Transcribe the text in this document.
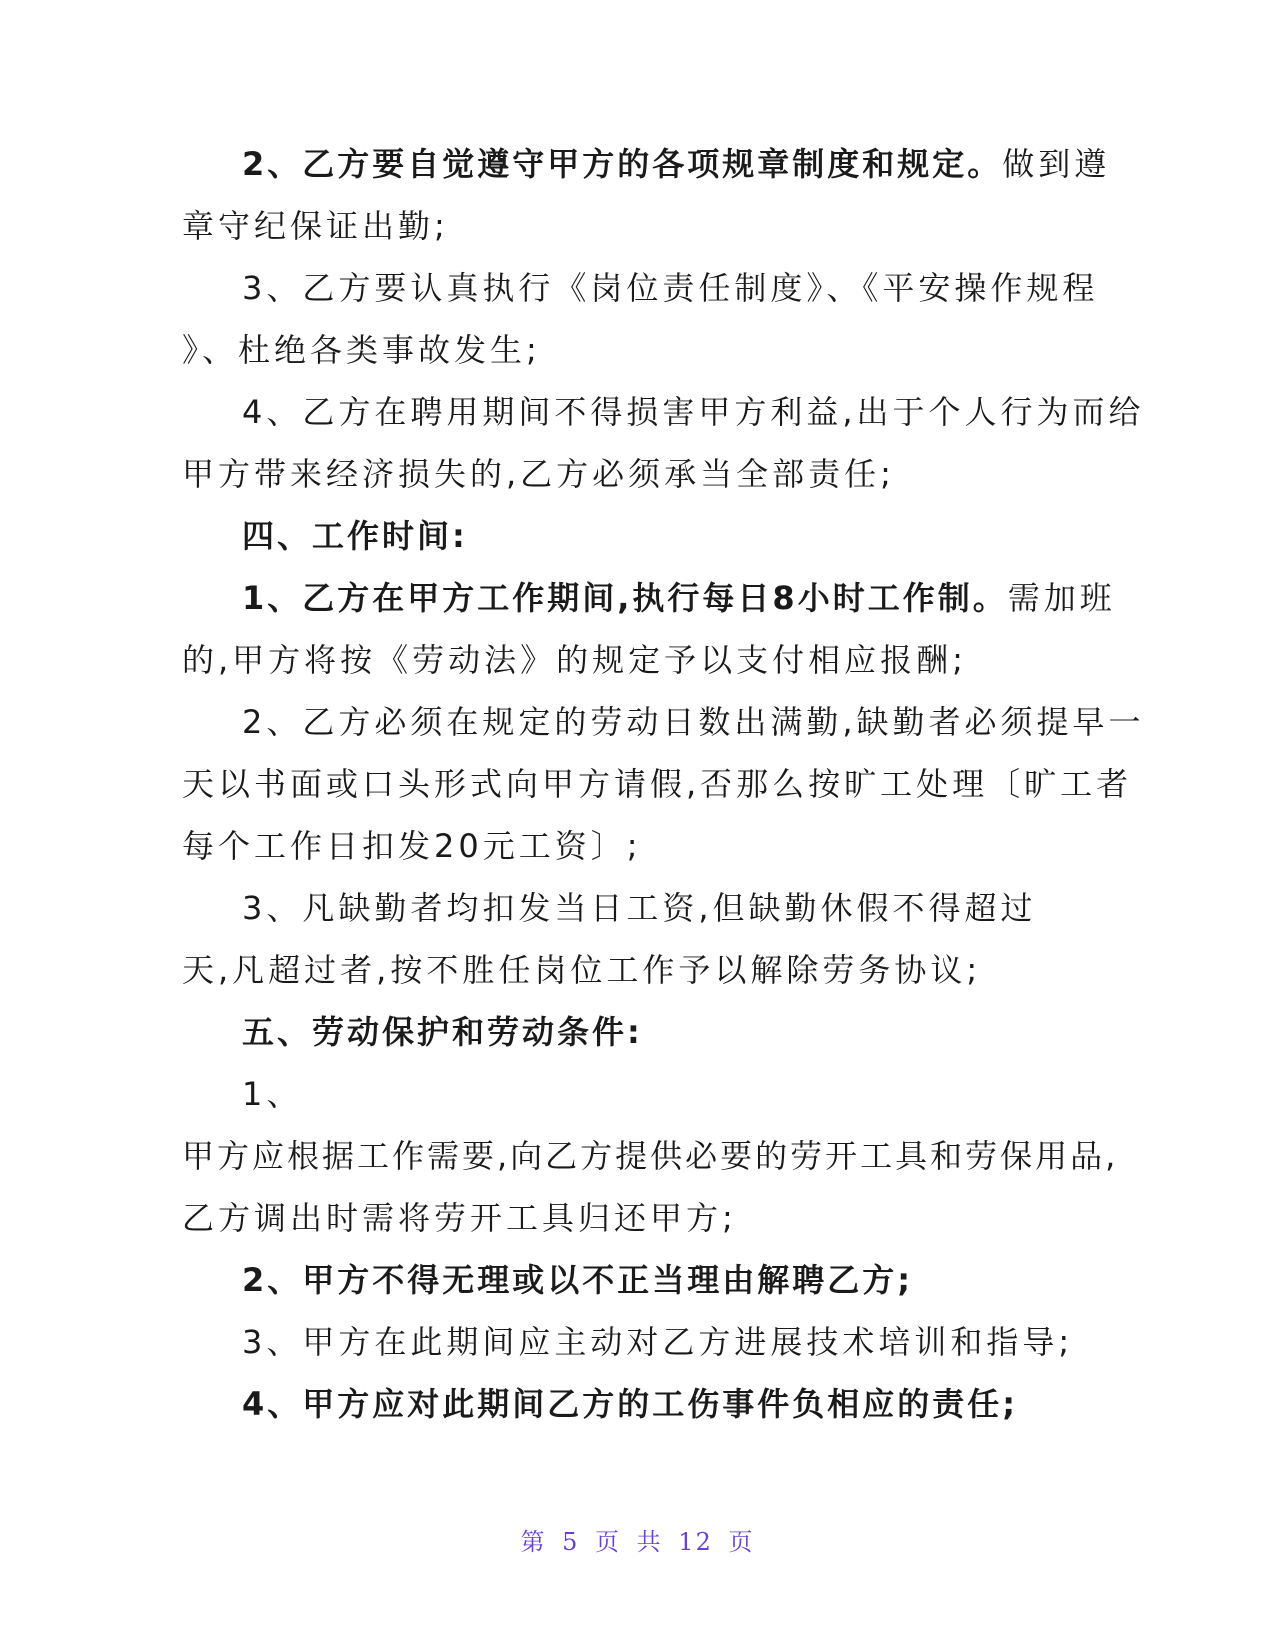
2、乙方要自觉遵守甲方的各项规章制度和规定。做到遵
章守纪保证出勤;
3、乙方要认真执行《岗位责任制度》、《平安操作规程
》、杜绝各类事故发生;
4、乙方在聘用期间不得损害甲方利益,出于个人行为而给
甲方带来经济损失的,乙方必须承当全部责任;
四、工作时间:
1、乙方在甲方工作期间,执行每日8小时工作制。需加班
的,甲方将按《劳动法》的规定予以支付相应报酬;
2、乙方必须在规定的劳动日数出满勤,缺勤者必须提早一
天以书面或口头形式向甲方请假,否那么按旷工处理〔旷工者
每个工作日扣发20元工资〕;
3、凡缺勤者均扣发当日工资,但缺勤休假不得超过
天,凡超过者,按不胜任岗位工作予以解除劳务协议;
五、劳动保护和劳动条件:
1、
甲方应根据工作需要,向乙方提供必要的劳开工具和劳保用品,
乙方调出时需将劳开工具归还甲方;
2、甲方不得无理或以不正当理由解聘乙方;
3、甲方在此期间应主动对乙方进展技术培训和指导;
4、甲方应对此期间乙方的工伤事件负相应的责任;
第 5 页 共 12 页
